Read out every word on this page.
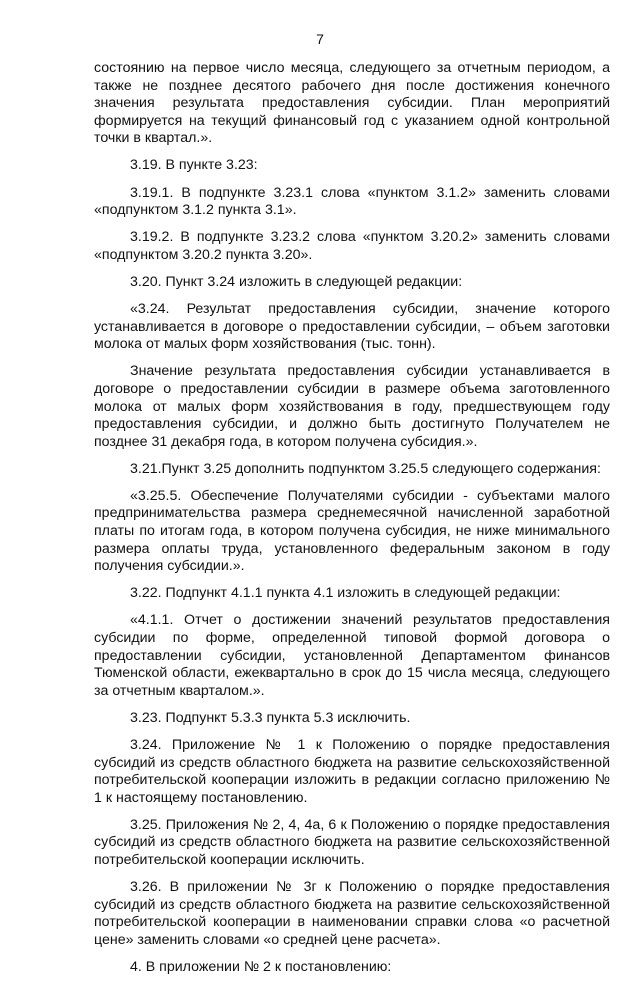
7

состоянию на первое число месяца, следующего за отчетным периодом, а также не позднее десятого рабочего дня после достижения конечного значения результата предоставления субсидии. План мероприятий формируется на текущий финансовый год с указанием одной контрольной точки в квартал.».

3.19. В пункте 3.23:

3.19.1. В подпункте 3.23.1 слова «пунктом 3.1.2» заменить словами «подпунктом 3.1.2 пункта 3.1».

3.19.2. В подпункте 3.23.2 слова «пунктом 3.20.2» заменить словами «подпунктом 3.20.2 пункта 3.20».

3.20. Пункт 3.24 изложить в следующей редакции:

«3.24. Результат предоставления субсидии, значение которого устанавливается в договоре о предоставлении субсидии, – объем заготовки молока от малых форм хозяйствования (тыс. тонн).

Значение результата предоставления субсидии устанавливается в договоре о предоставлении субсидии в размере объема заготовленного молока от малых форм хозяйствования в году, предшествующем году предоставления субсидии, и должно быть достигнуто Получателем не позднее 31 декабря года, в котором получена субсидия.».

3.21.Пункт 3.25 дополнить подпунктом 3.25.5 следующего содержания:

«3.25.5. Обеспечение Получателями субсидии - субъектами малого предпринимательства размера среднемесячной начисленной заработной платы по итогам года, в котором получена субсидия, не ниже минимального размера оплаты труда, установленного федеральным законом в году получения субсидии.».

3.22. Подпункт 4.1.1 пункта 4.1 изложить в следующей редакции:

«4.1.1. Отчет о достижении значений результатов предоставления субсидии по форме, определенной типовой формой договора о предоставлении субсидии, установленной Департаментом финансов Тюменской области, ежеквартально в срок до 15 числа месяца, следующего за отчетным кварталом.».

3.23. Подпункт 5.3.3 пункта 5.3 исключить.

3.24. Приложение № 1 к Положению о порядке предоставления субсидий из средств областного бюджета на развитие сельскохозяйственной потребительской кооперации изложить в редакции согласно приложению № 1 к настоящему постановлению.

3.25. Приложения № 2, 4, 4а, 6 к Положению о порядке предоставления субсидий из средств областного бюджета на развитие сельскохозяйственной потребительской кооперации исключить.

3.26. В приложении № 3г к Положению о порядке предоставления субсидий из средств областного бюджета на развитие сельскохозяйственной потребительской кооперации в наименовании справки слова «о расчетной цене» заменить словами «о средней цене расчета».

4. В приложении № 2 к постановлению:
